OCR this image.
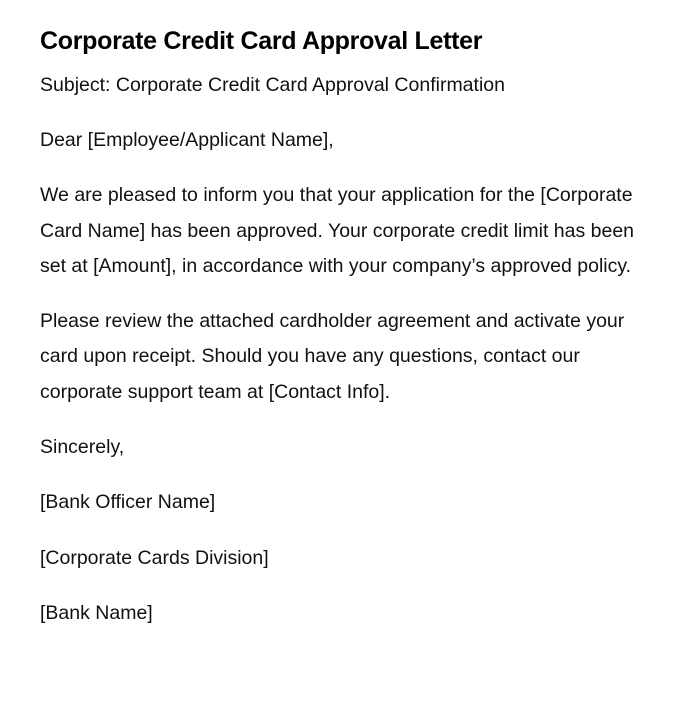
Corporate Credit Card Approval Letter

Subject: Corporate Credit Card Approval Confirmation

Dear [Employee/Applicant Name],

We are pleased to inform you that your application for the [Corporate Card Name] has been approved. Your corporate credit limit has been set at [Amount], in accordance with your company’s approved policy.

Please review the attached cardholder agreement and activate your card upon receipt. Should you have any questions, contact our corporate support team at [Contact Info].

Sincerely,

[Bank Officer Name]

[Corporate Cards Division]

[Bank Name]
